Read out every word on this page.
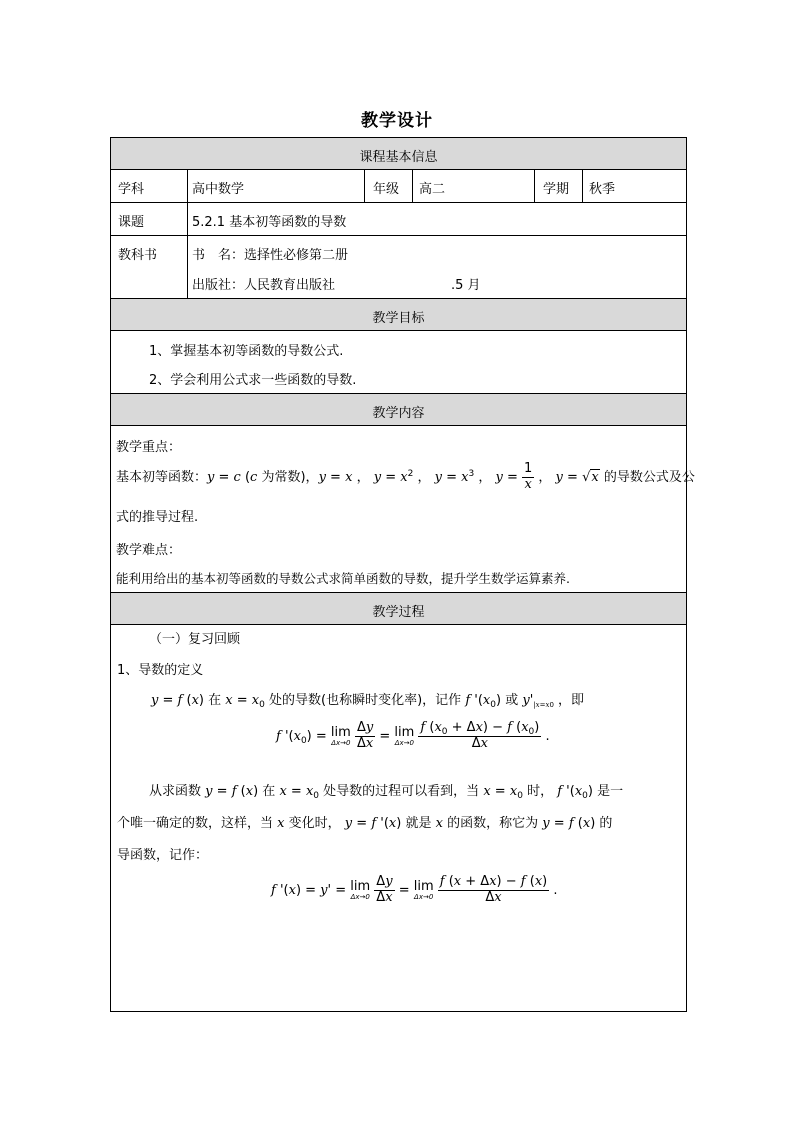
教学设计
课程基本信息
学科	高中数学	年级 高二	学期 秋季
课题	5.2.1 基本初等函数的导数
教科书	书　名：选择性必修第二册
出版社：人民教育出版社	.5 月
教学目标
1、掌握基本初等函数的导数公式.
2、学会利用公式求一些函数的导数.
教学内容
教学重点：
基本初等函数：y = c (c 为常数)，y = x ， $y = x^2$ ， $y = x^3$ ， $y = \frac{1}{x}$ ， y = √x 的导数公式及公
式的推导过程.
教学难点：
能利用给出的基本初等函数的导数公式求简单函数的导数，提升学生数学运算素养.
教学过程
（一）复习回顾
1、导数的定义
y = f (x) 在 $x = x_0$ 处的导数(也称瞬时变化率)，记作 f '$(x_0)$ 或 $y'_{|x=x0}$ ，即
f '$(x_0) = \lim$
Δx→0
$\frac{\Delta y}{\Delta x} = \lim$
Δx→0
$\frac{f (x_0 + \Delta x) - f (x_0)}{\Delta x}$ .
从求函数 y = f (x) 在 $x = x_0$ 处导数的过程可以看到，当 $x = x_0$ 时， f '$(x_0)$ 是一
个唯一确定的数，这样，当 x 变化时， y = f '(x) 就是 x 的函数，称它为 y = f (x) 的
导函数，记作：
f '(x) = y' = lim
Δx→0
$\frac{\Delta y}{\Delta x} = \lim$
Δx→0
$\frac{f (x + \Delta x) - f (x)}{\Delta x}$ .
